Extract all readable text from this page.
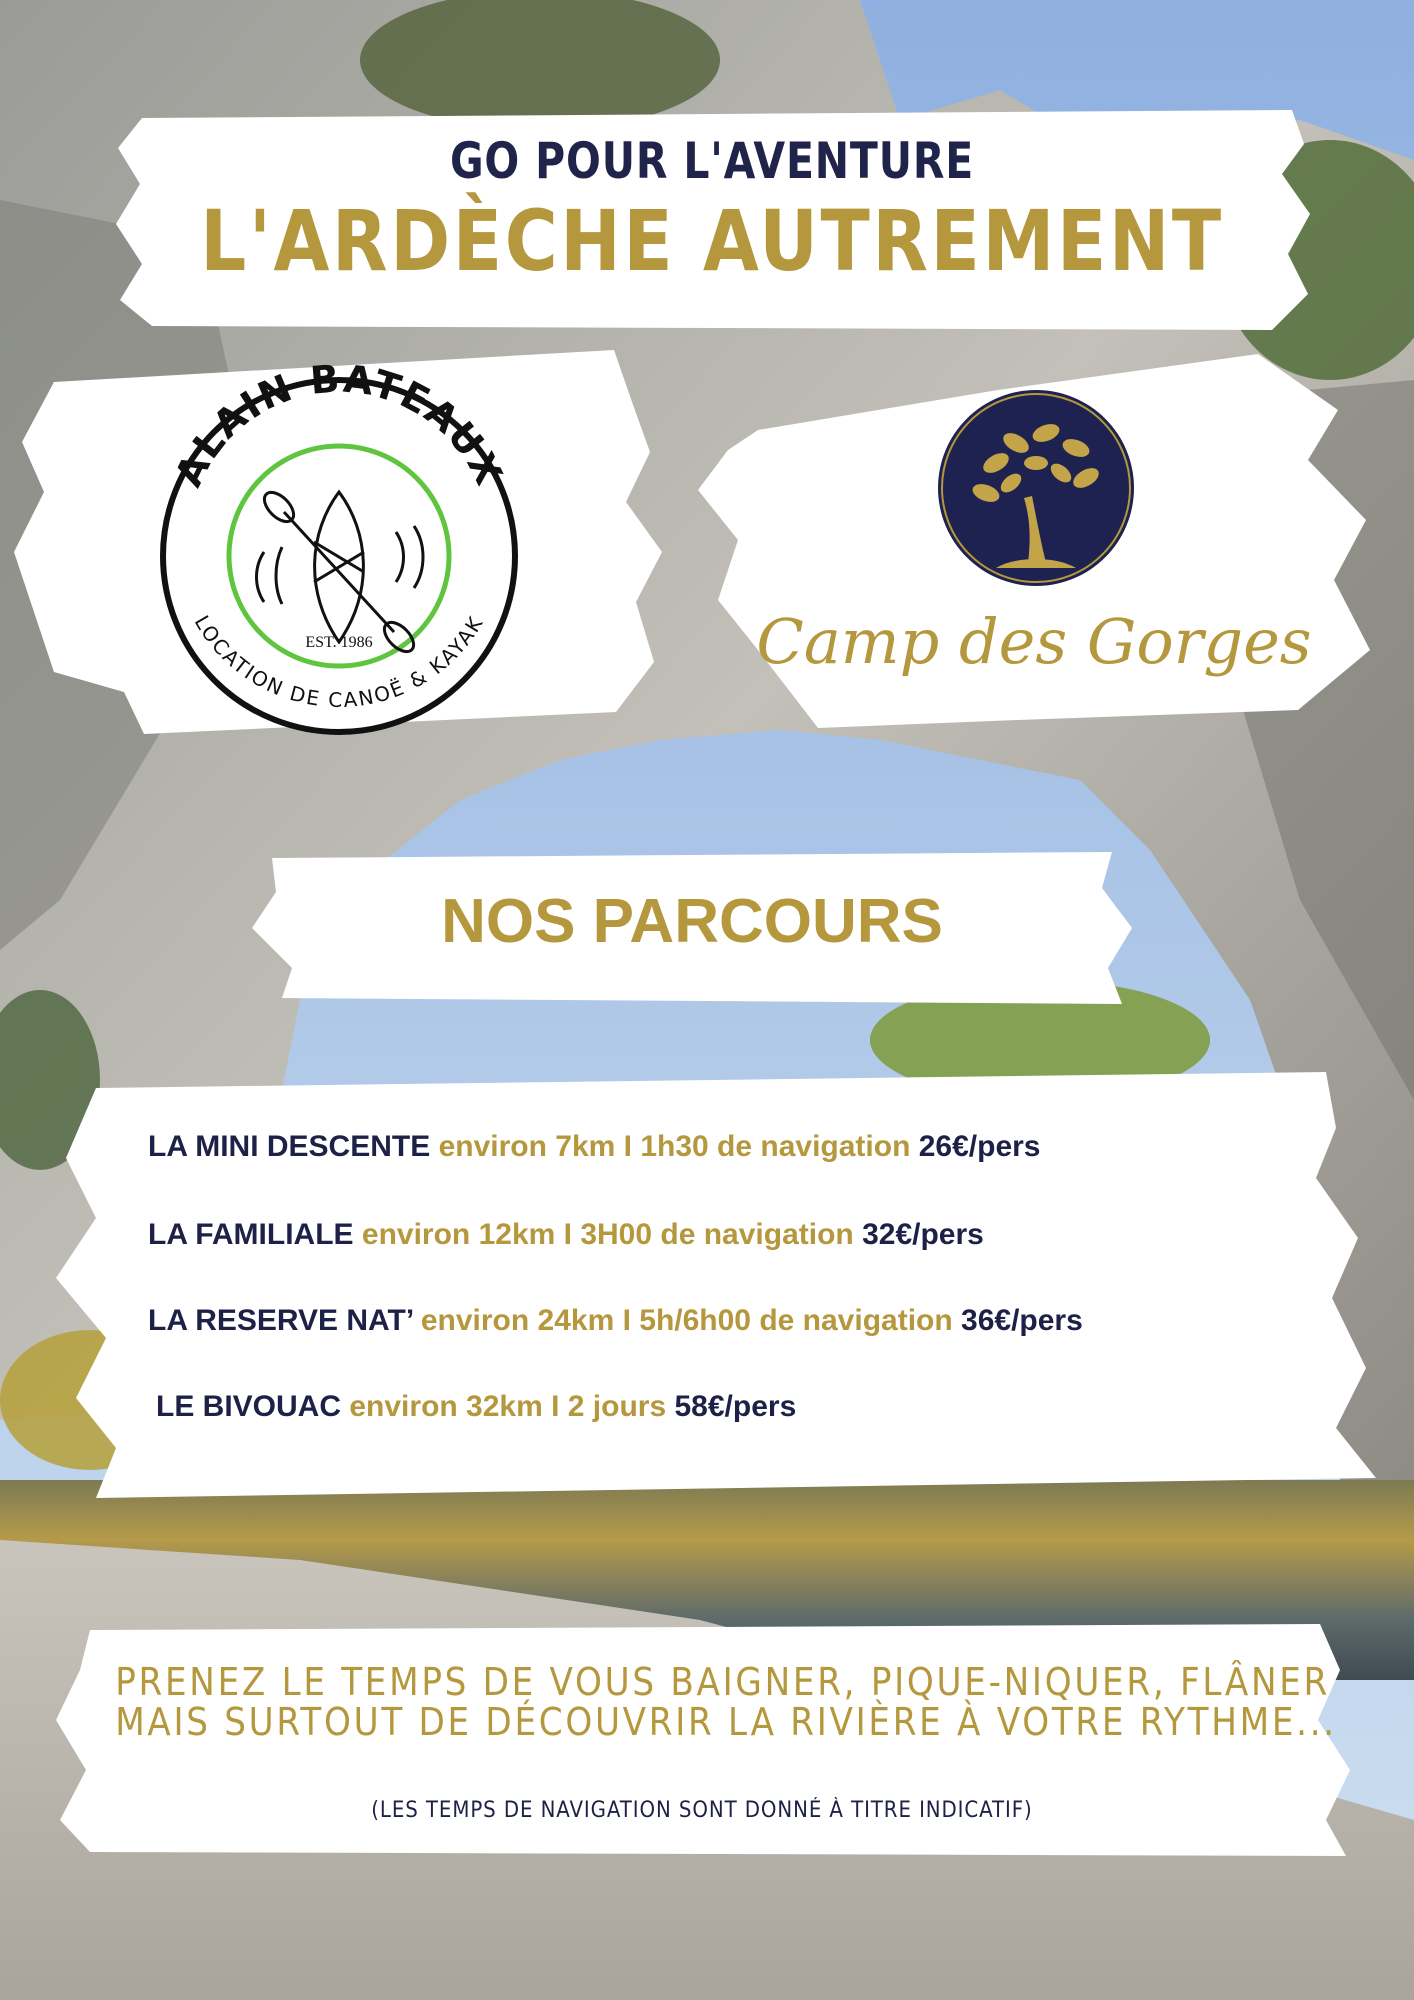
GO POUR L'AVENTURE
L'ARDÈCHE AUTREMENT
ALAIN BATEAUX
LOCATION DE CANOË & KAYAK
EST. 1986	Camp des Gorges
NOS PARCOURS
LA MINI DESCENTE environ 7km I 1h30 de navigation 26€/pers
LA FAMILIALE environ 12km I 3H00 de navigation 32€/pers
LA RESERVE NAT’ environ 24km I 5h/6h00 de navigation 36€/pers
LE BIVOUAC environ 32km I 2 jours 58€/pers
PRENEZ LE TEMPS DE VOUS BAIGNER, PIQUE-NIQUER, FLÂNER
MAIS SURTOUT DE DÉCOUVRIR LA RIVIÈRE À VOTRE RYTHME...
(LES TEMPS DE NAVIGATION SONT DONNÉ À TITRE INDICATIF)
